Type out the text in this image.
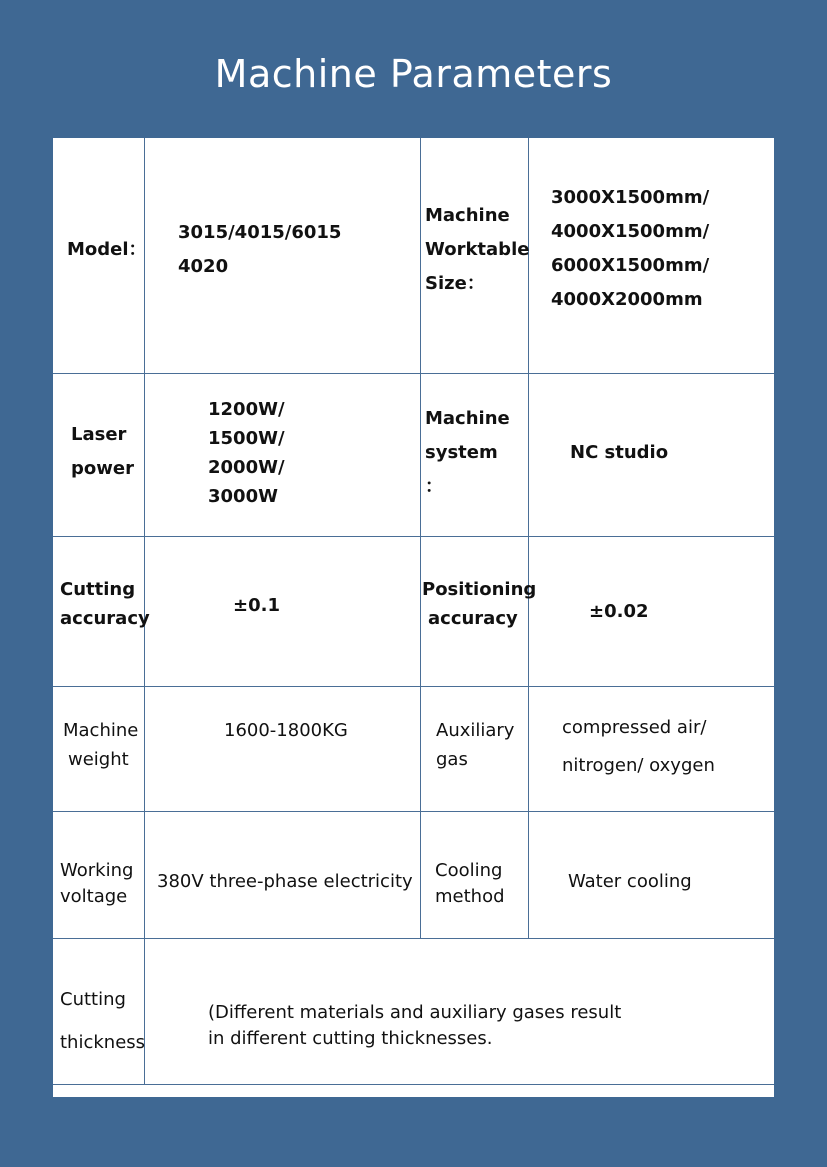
Machine Parameters
Model：
3015/4015/6015
4020
Machine
Worktable
Size：
3000X1500mm/
4000X1500mm/
6000X1500mm/
4000X2000mm
Laser
power
1200W/
1500W/
2000W/
3000W
Machine
system
：
NC studio
Cutting
accuracy
±0.1
Positioning
accuracy	±0.02
Machine
weight
1600-1800KG	Auxiliary
gas
compressed air/
nitrogen/ oxygen
Working
voltage
380V three-phase electricity
Cooling
method
Water cooling
Cutting
thickness
(Different materials and auxiliary gases result
in different cutting thicknesses.
